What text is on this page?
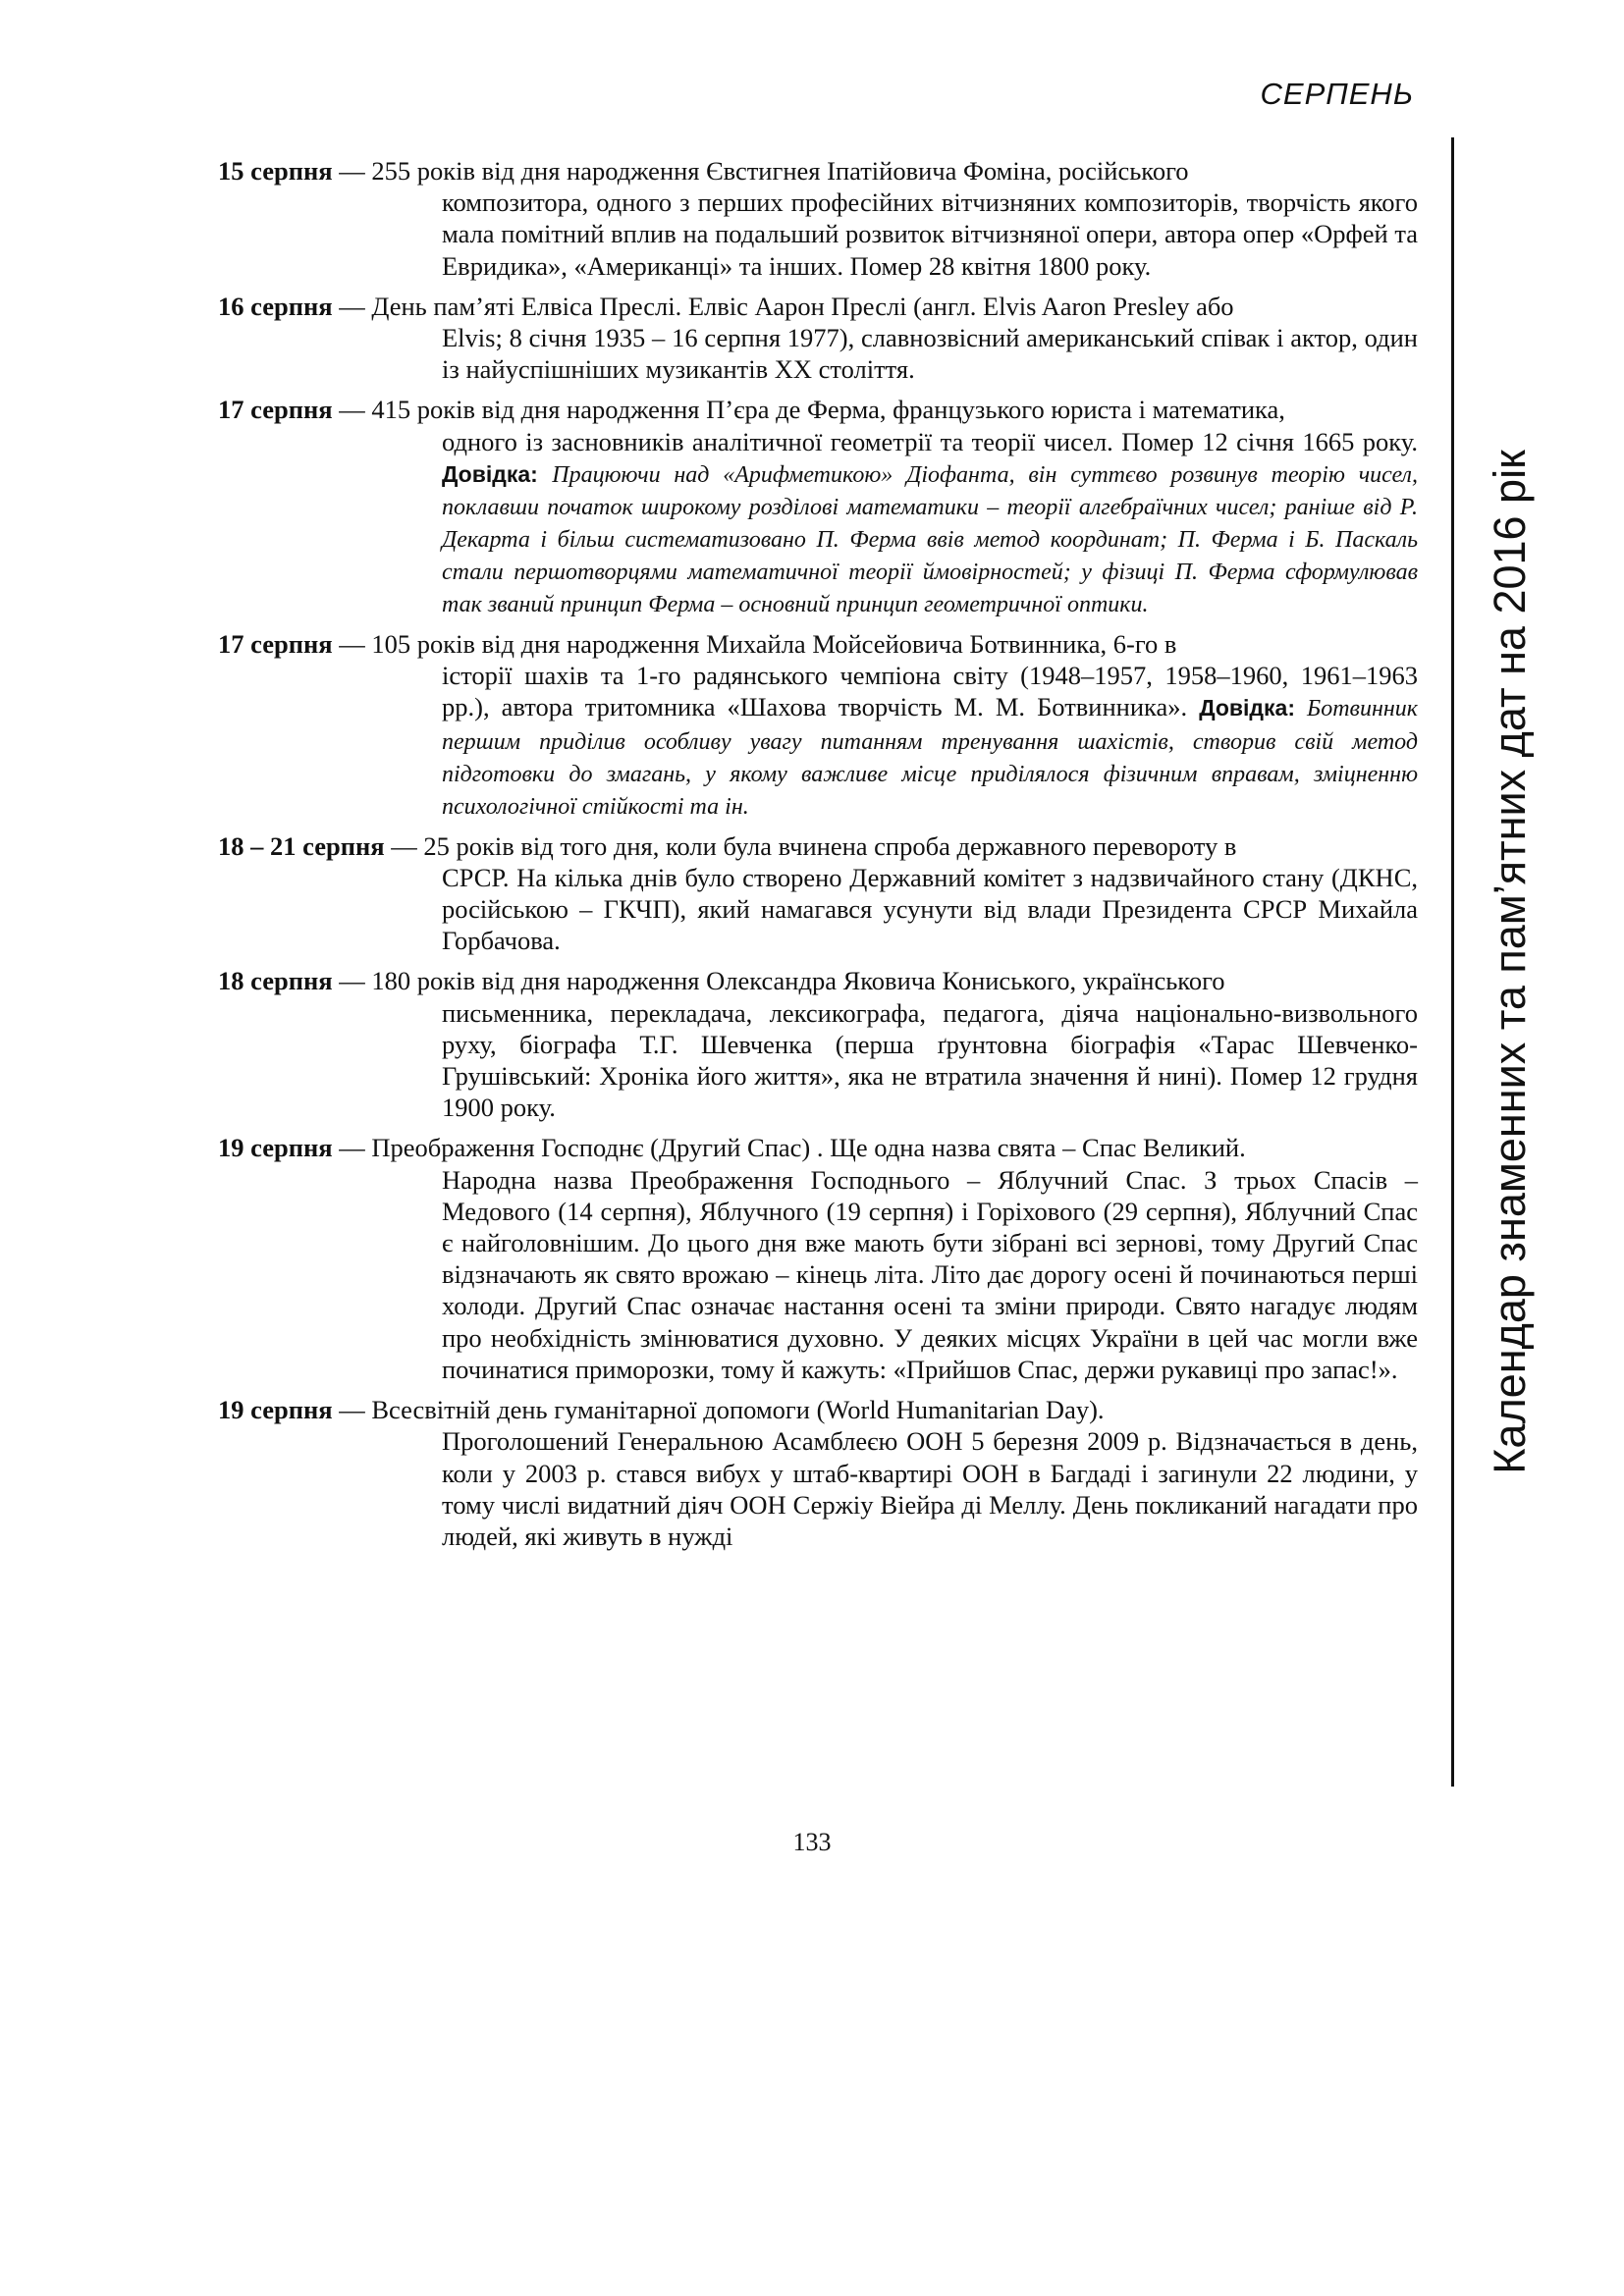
СЕРПЕНЬ
15 серпня — 255 років від дня народження Євстигнея Іпатійовича Фоміна, російського
композитора, одного з перших професійних вітчизняних композиторів, творчість якого мала помітний вплив на подальший розвиток вітчизняної опери, автора опер «Орфей та Евридика», «Американці» та інших. Помер 28 квітня 1800 року.
16 серпня — День пам’яті Елвіса Преслі. Елвіс Аарон Преслі (англ. Elvis Aaron Presley або
Elvis; 8 січня 1935 – 16 серпня 1977), славнозвісний американський співак і актор, один із найуспішніших музикантів XX століття.
17 серпня — 415 років від дня народження П’єра де Ферма, французького юриста і математика,
одного із засновників аналітичної геометрії та теорії чисел. Помер 12 січня 1665 року. Довідка: Працюючи над «Арифметикою» Діофанта, він суттєво розвинув теорію чисел, поклавши початок широкому розділові математики – теорії алгебраїчних чисел; раніше від Р. Декарта і більш систематизовано П. Ферма ввів метод координат; П. Ферма і Б. Паскаль стали першотворцями математичної теорії ймовірностей; у фізиці П. Ферма сформулював так званий принцип Ферма – основний принцип геометричної оптики.
17 серпня — 105 років від дня народження Михайла Мойсейовича Ботвинника, 6-го в
історії шахів та 1-го радянського чемпіона світу (1948–1957, 1958–1960, 1961–1963 рр.), автора тритомника «Шахова творчість М. М. Ботвинника». Довідка: Ботвинник першим приділив особливу увагу питанням тренування шахістів, створив свій метод підготовки до змагань, у якому важливе місце приділялося фізичним вправам, зміцненню психологічної стійкості та ін.
18 – 21 серпня — 25 років від того дня, коли була вчинена спроба державного перевороту в
СРСР. На кілька днів було створено Державний комітет з надзвичайного стану (ДКНС, російською – ГКЧП), який намагався усунути від влади Президента СРСР Михайла Горбачова.
18 серпня — 180 років від дня народження Олександра Яковича Кониського, українського
письменника, перекладача, лексикографа, педагога, діяча національно-визвольного руху, біографа Т.Г. Шевченка (перша ґрунтовна біографія «Тарас Шевченко-Грушівський: Хроніка його життя», яка не втратила значення й нині). Помер 12 грудня 1900 року.
19 серпня — Преображення Господнє (Другий Спас) . Ще одна назва свята – Спас Великий.
Народна назва Преображення Господнього – Яблучний Спас. З трьох Спасів – Медового (14 серпня), Яблучного (19 серпня) і Горіхового (29 серпня), Яблучний Спас є найголовнішим. До цього дня вже мають бути зібрані всі зернові, тому Другий Спас відзначають як свято врожаю – кінець літа. Літо дає дорогу осені й починаються перші холоди. Другий Спас означає настання осені та зміни природи. Свято нагадує людям про необхідність змінюватися духовно. У деяких місцях України в цей час могли вже починатися приморозки, тому й кажуть: «Прийшов Спас, держи рукавиці про запас!».
19 серпня — Всесвітній день гуманітарної допомоги (World Humanitarian Day).
Проголошений Генеральною Асамблеєю ООН 5 березня 2009 р. Відзначається в день, коли у 2003 р. стався вибух у штаб-квартирі ООН в Багдаді і загинули 22 людини, у тому числі видатний діяч ООН Сержіу Віейра ді Меллу. День покликаний нагадати про людей, які живуть в нужді
Календар знаменних та пам’ятних дат на 2016 рік
133
